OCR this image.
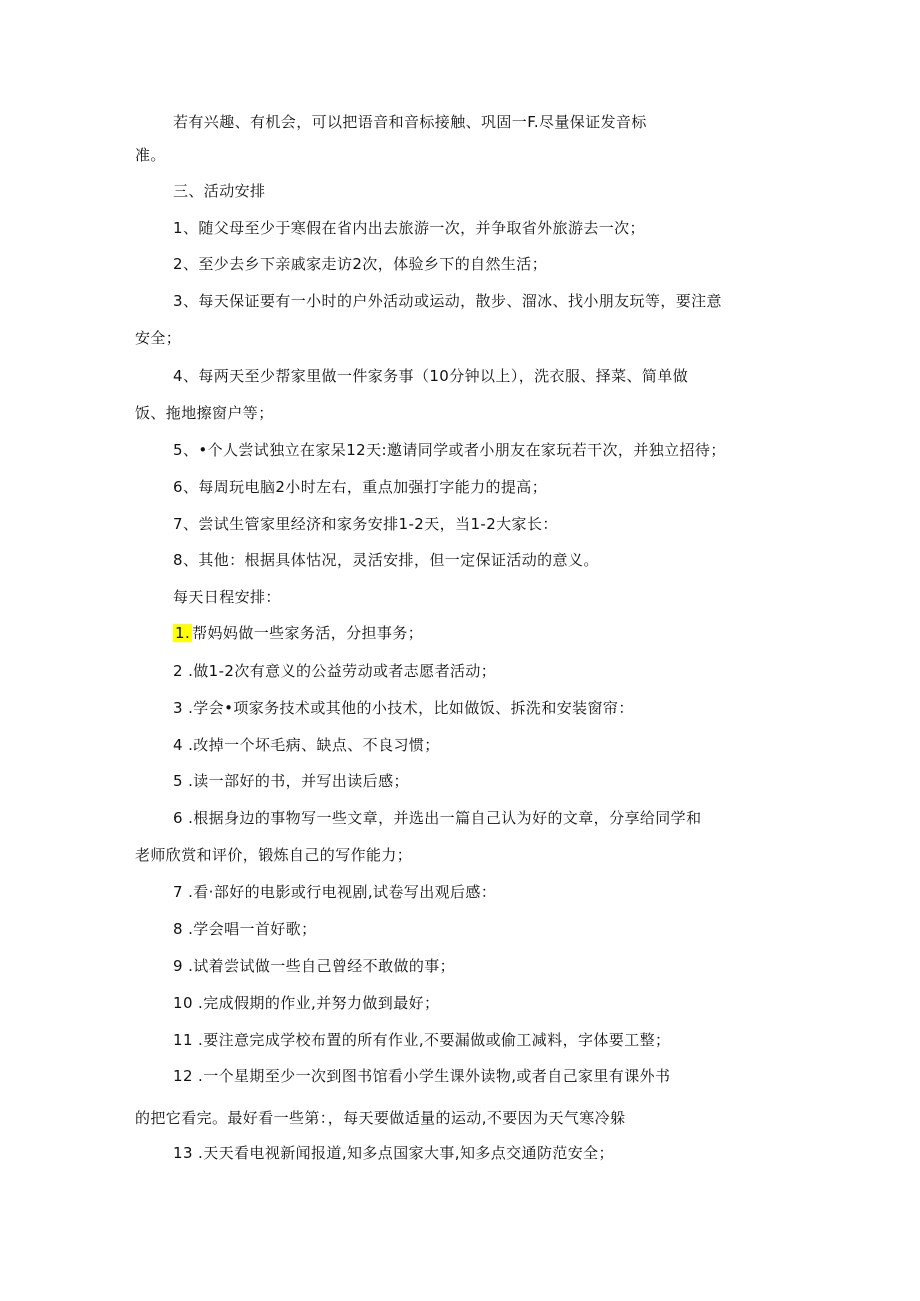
若有兴趣、有机会，可以把语音和音标接触、巩固一F.尽量保证发音标
准。
三、活动安排
1、随父母至少于寒假在省内出去旅游一次，并争取省外旅游去一次；
2、至少去乡下亲戚家走访2次，体验乡下的自然生活；
3、每天保证要有一小时的户外活动或运动，散步、溜冰、找小朋友玩等，要注意
安全；
4、每两天至少帮家里做一件家务事（10分钟以上），洗衣服、择菜、简单做
饭、拖地擦窗户等；
5、•个人尝试独立在家呆12天:邀请同学或者小朋友在家玩若干次，并独立招待；
6、每周玩电脑2小时左右，重点加强打字能力的提高；
7、尝试生管家里经济和家务安排1-2天，当1-2大家长：
8、其他：根据具体怙况，灵活安排，但一定保证活动的意义。
每天日程安排：
1. 帮妈妈做一些家务活，分担事务；
2 .做1-2次有意义的公益劳动或者志愿者活动；
3 .学会•项家务技术或其他的小技术，比如做饭、拆洗和安装窗帘：
4 .改掉一个坏毛病、缺点、不良习惯；
5 .读一部好的书，并写出读后感；
6 .根据身边的事物写一些文章，并选出一篇自己认为好的文章，分享给同学和
老师欣赏和评价，锻炼自己的写作能力；
7 .看·部好的电影或行电视剧,试卷写出观后感：
8 .学会唱一首好歌；
9 .试着尝试做一些自己曾经不敢做的事；
10 .完成假期的作业,并努力做到最好；
11 .要注意完成学校布置的所有作业,不要漏做或偷工减料，字体要工整；
12 .一个星期至少一次到图书馆看小学生课外读物,或者自己家里有课外书
的把它看完。最好看一些第：，每天要做适量的运动,不要因为天气寒冷躲
13 .天天看电视新闻报道,知多点国家大事,知多点交通防范安全；
